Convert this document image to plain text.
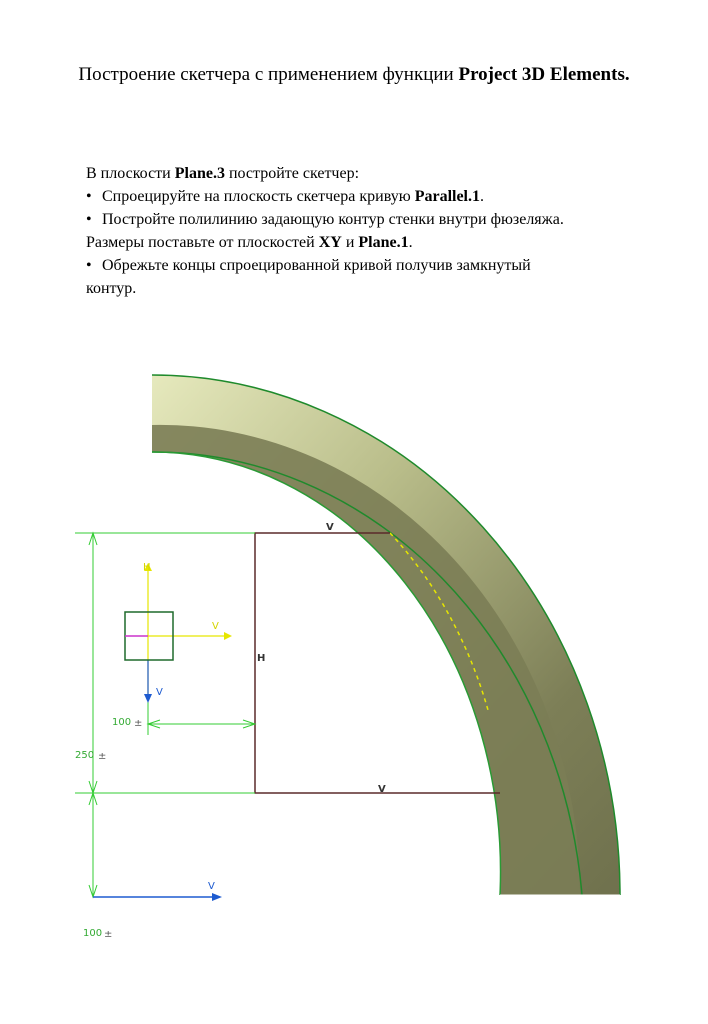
Построение скетчера с применением функции Project 3D Elements.
В плоскости Plane.3 постройте скетчер:
• Спроецируйте на плоскость скетчера кривую Parallel.1.
• Постройте полилинию задающую контур стенки внутри фюзеляжа.
Размеры поставьте от плоскостей XY и Plane.1.
• Обрежьте концы спроецированной кривой получив замкнутый
контур.
V
H
V
250 ±
100 ±
100 ±
H
V
V
V
